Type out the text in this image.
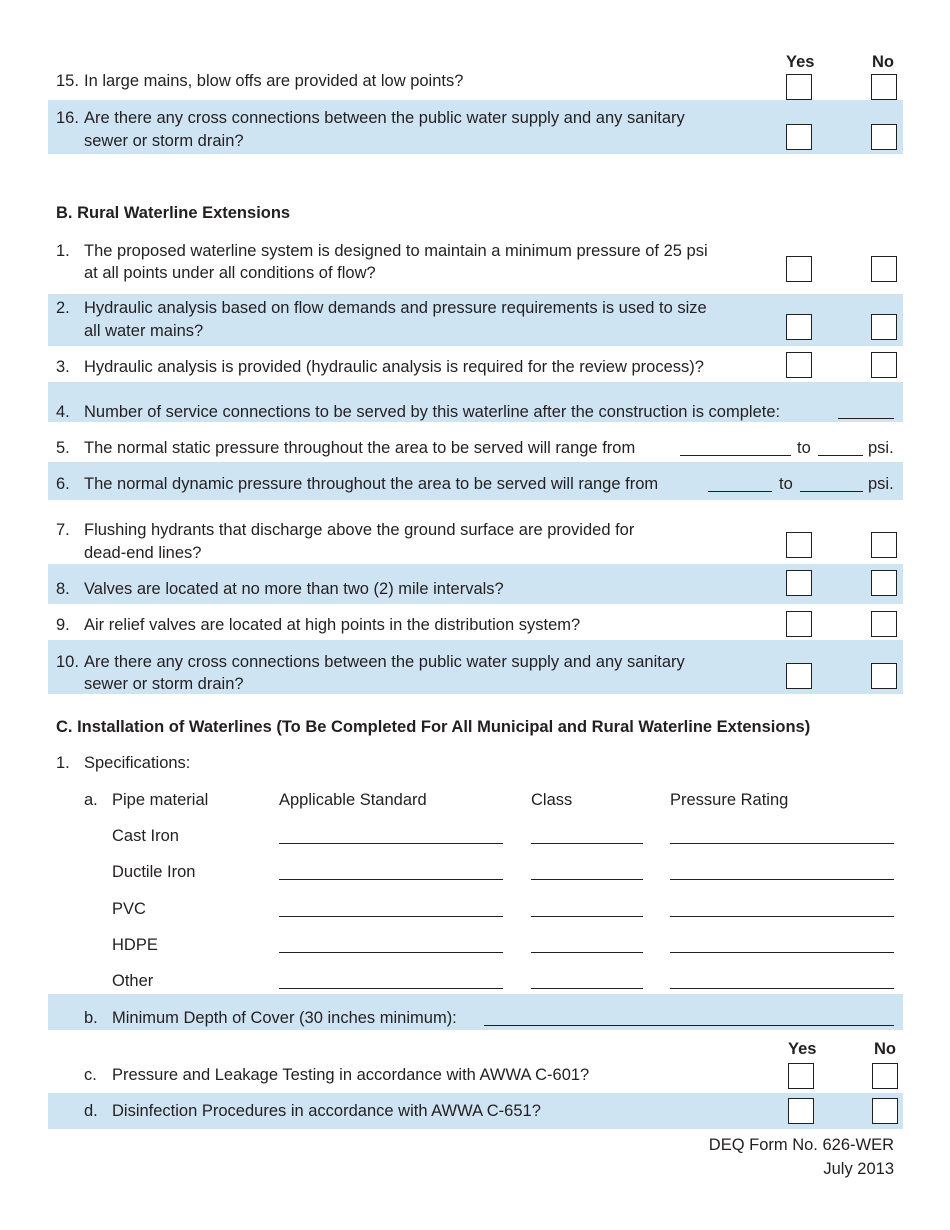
Yes	No
15. In large mains, blow offs are provided at low points?
16. Are there any cross connections between the public water supply and any sanitary
sewer or storm drain?
B. Rural Waterline Extensions
1. The proposed waterline system is designed to maintain a minimum pressure of 25 psi
at all points under all conditions of flow?
2. Hydraulic analysis based on flow demands and pressure requirements is used to size
all water mains?
3. Hydraulic analysis is provided (hydraulic analysis is required for the review process)?
4. Number of service connections to be served by this waterline after the construction is complete:
5. The normal static pressure throughout the area to be served will range from	to	psi.
6. The normal dynamic pressure throughout the area to be served will range from	to	psi.
7. Flushing hydrants that discharge above the ground surface are provided for
dead-end lines?
8. Valves are located at no more than two (2) mile intervals?
9. Air relief valves are located at high points in the distribution system?
10. Are there any cross connections between the public water supply and any sanitary
sewer or storm drain?
C. Installation of Waterlines (To Be Completed For All Municipal and Rural Waterline Extensions)
1. Specifications:
a. Pipe material	Applicable Standard	Class	Pressure Rating
Cast Iron
Ductile Iron
PVC
HDPE
Other
b. Minimum Depth of Cover (30 inches minimum):
Yes	No
c. Pressure and Leakage Testing in accordance with AWWA C-601?
d. Disinfection Procedures in accordance with AWWA C-651?
DEQ Form No. 626-WER
July 2013
